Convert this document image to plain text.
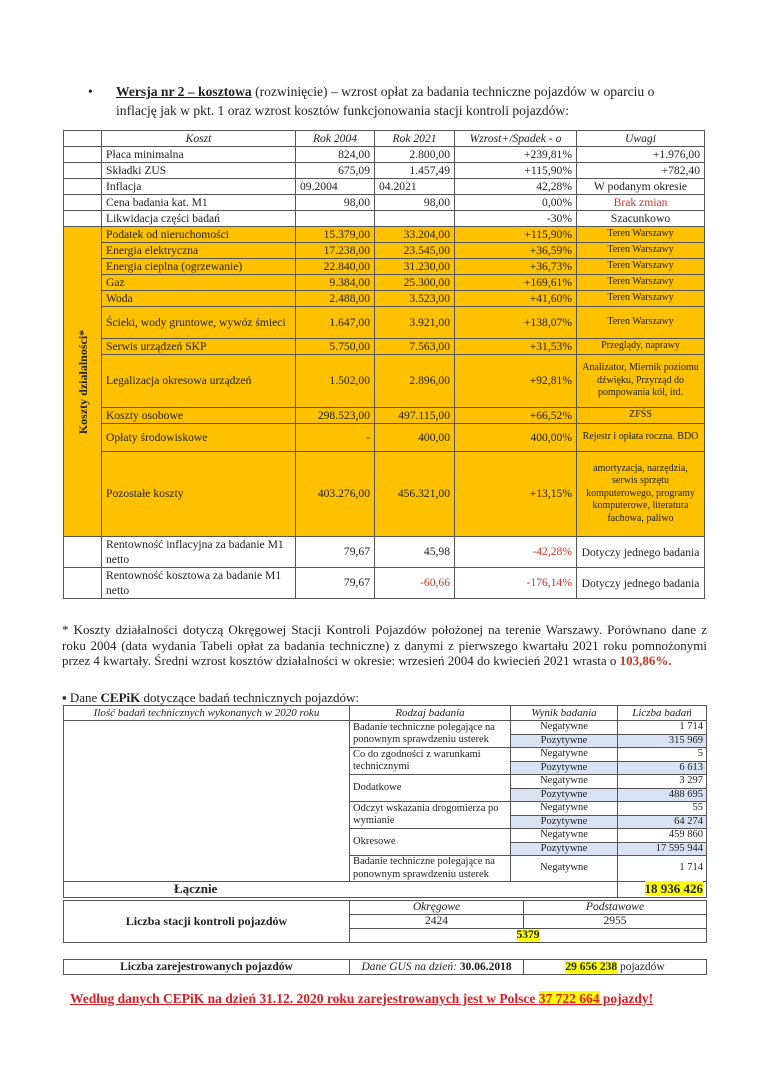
• Wersja nr 2 – kosztowa (rozwinięcie) – wzrost opłat za badania techniczne pojazdów w oparciu o inflację jak w pkt. 1 oraz wzrost kosztów funkcjonowania stacji kontroli pojazdów:
	Koszt	Rok 2004	Rok 2021	Wzrost+/Spadek - o	Uwagi
	Płaca minimalna	824,00	2.800,00	+239,81%	+1.976,00
	Składki ZUS	675,09	1.457,49	+115,90%	+782,40
	Inflacja	09.2004	04.2021	42,28%	W podanym okresie
	Cena badania kat. M1	98,00	98,00	0,00%	Brak zmian
	Likwidacja części badań			-30%	Szacunkowo

Koszty działalności*	Podatek od nieruchomości	15.379,00	33.204,00	+115,90%	Teren Warszawy
	Energia elektryczna	17.238,00	23.545,00	+36,59%	Teren Warszawy
	Energia cieplna (ogrzewanie)	22.840,00	31.230,00	+36,73%	Teren Warszawy
	Gaz	9.384,00	25.300,00	+169,61%	Teren Warszawy
	Woda	2.488,00	3.523,00	+41,60%	Teren Warszawy
	Ścieki, wody gruntowe, wywóz śmieci	1.647,00	3.921,00	+138,07%	Teren Warszawy
	Serwis urządzeń SKP	5.750,00	7.563,00	+31,53%	Przeglądy, naprawy
	Legalizacja okresowa urządzeń	1.502,00	2.896,00	+92,81%	Analizator, Miernik poziomu dźwięku, Przyrząd do pompowania kół, itd.
	Koszty osobowe	298.523,00	497.115,00	+66,52%	ZFŚS
	Opłaty środowiskowe	-	400,00	400,00%	Rejestr i opłata roczna. BDO
	Pozostałe koszty	403.276,00	456.321,00	+13,15%	amortyzacja, narzędzia, serwis sprzętu komputerowego, programy komputerowe, literatura fachowa, paliwo
	Rentowność inflacyjna za badanie M1 netto	79,67	45,98	-42,28%	Dotyczy jednego badania
	Rentowność kosztowa za badanie M1 netto	79,67	-60,66	-176,14%	Dotyczy jednego badania
* Koszty działalności dotyczą Okręgowej Stacji Kontroli Pojazdów położonej na terenie Warszawy. Porównano dane z roku 2004 (data wydania Tabeli opłat za badania techniczne) z danymi z pierwszego kwartału 2021 roku pomnożonymi przez 4 kwartały. Średni wzrost kosztów działalności w okresie: wrzesień 2004 do kwiecień 2021 wrasta o 103,86%.
▪ Dane CEPiK dotyczące badań technicznych pojazdów:
Ilość badań technicznych wykonanych w 2020 roku	Rodzaj badania	Wynik badania	Liczba badań
	Badanie techniczne polegające na ponownym sprawdzeniu usterek	Negatywne	1 714
		Pozytywne	315 969
	Co do zgodności z warunkami technicznymi	Negatywne	5
		Pozytywne	6 613
	Dodatkowe	Negatywne	3 297
		Pozytywne	488 695
	Odczyt wskazania drogomierza po wymianie	Negatywne	55
		Pozytywne	64 274
	Okresowe	Negatywne	459 860
		Pozytywne	17 595 944
	Badanie techniczne polegające na ponownym sprawdzeniu usterek	Negatywne	1 714
Łącznie			18 936 426
Liczba stacji kontroli pojazdów	Okręgowe	Podstawowe
	2424	2955
	5379	
Liczba zarejestrowanych pojazdów	Dane GUS na dzień: 30.06.2018	29 656 238 pojazdów
Według danych CEPiK na dzień 31.12. 2020 roku zarejestrowanych jest w Polsce 37 722 664 pojazdy!
